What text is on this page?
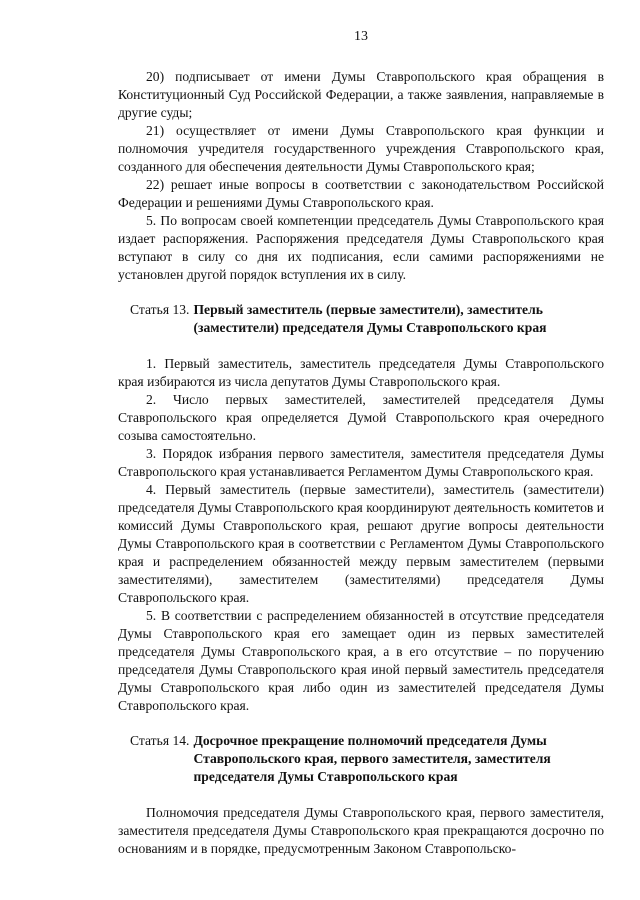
13

20) подписывает от имени Думы Ставропольского края обращения в Конституционный Суд Российской Федерации, а также заявления, направляемые в другие суды;

21) осуществляет от имени Думы Ставропольского края функции и полномочия учредителя государственного учреждения Ставропольского края, созданного для обеспечения деятельности Думы Ставропольского края;

22) решает иные вопросы в соответствии с законодательством Российской Федерации и решениями Думы Ставропольского края.

5. По вопросам своей компетенции председатель Думы Ставропольского края издает распоряжения. Распоряжения председателя Думы Ставропольского края вступают в силу со дня их подписания, если самими распоряжениями не установлен другой порядок вступления их в силу.

Статья 13. Первый заместитель (первые заместители), заместитель (заместители) председателя Думы Ставропольского края

1. Первый заместитель, заместитель председателя Думы Ставропольского края избираются из числа депутатов Думы Ставропольского края.

2. Число первых заместителей, заместителей председателя Думы Ставропольского края определяется Думой Ставропольского края очередного созыва самостоятельно.

3. Порядок избрания первого заместителя, заместителя председателя Думы Ставропольского края устанавливается Регламентом Думы Ставропольского края.

4. Первый заместитель (первые заместители), заместитель (заместители) председателя Думы Ставропольского края координируют деятельность комитетов и комиссий Думы Ставропольского края, решают другие вопросы деятельности Думы Ставропольского края в соответствии с Регламентом Думы Ставропольского края и распределением обязанностей между первым заместителем (первыми заместителями), заместителем (заместителями) председателя Думы Ставропольского края.

5. В соответствии с распределением обязанностей в отсутствие председателя Думы Ставропольского края его замещает один из первых заместителей председателя Думы Ставропольского края, а в его отсутствие – по поручению председателя Думы Ставропольского края иной первый заместитель председателя Думы Ставропольского края либо один из заместителей председателя Думы Ставропольского края.

Статья 14. Досрочное прекращение полномочий председателя Думы Ставропольского края, первого заместителя, заместителя председателя Думы Ставропольского края

Полномочия председателя Думы Ставропольского края, первого заместителя, заместителя председателя Думы Ставропольского края прекращаются досрочно по основаниям и в порядке, предусмотренным Законом Ставропольско-
